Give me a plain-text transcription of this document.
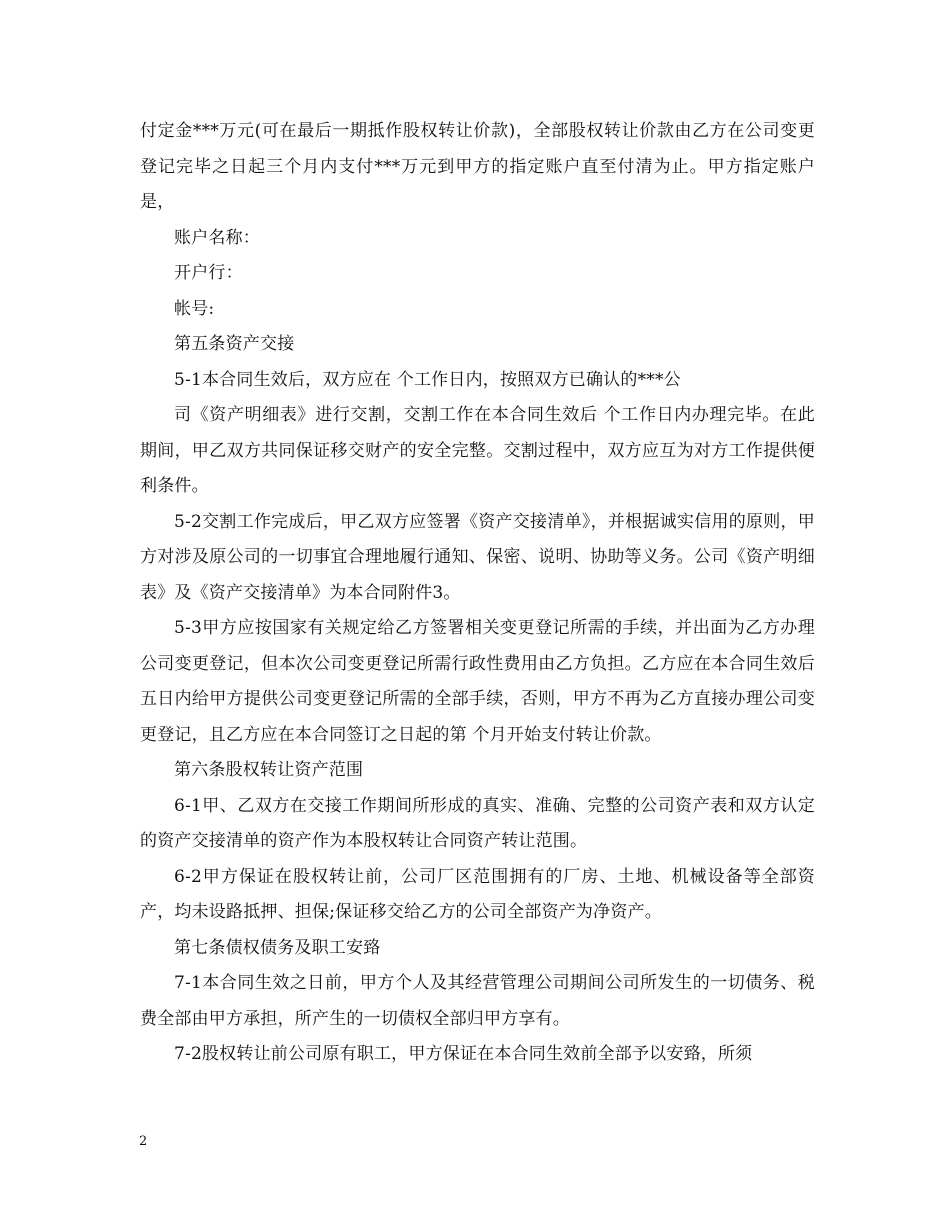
付定金***万元(可在最后一期抵作股权转让价款)，全部股权转让价款由乙方在公司变更登记完毕之日起三个月内支付***万元到甲方的指定账户直至付清为止。甲方指定账户是，

账户名称：

开户行：

帐号:

第五条资产交接

5-1本合同生效后，双方应在 个工作日内，按照双方已确认的***公

司《资产明细表》进行交割，交割工作在本合同生效后 个工作日内办理完毕。在此期间，甲乙双方共同保证移交财产的安全完整。交割过程中，双方应互为对方工作提供便利条件。

5-2交割工作完成后，甲乙双方应签署《资产交接清单》，并根据诚实信用的原则，甲方对涉及原公司的一切事宜合理地履行通知、保密、说明、协助等义务。公司《资产明细表》及《资产交接清单》为本合同附件3。

5-3甲方应按国家有关规定给乙方签署相关变更登记所需的手续，并出面为乙方办理公司变更登记，但本次公司变更登记所需行政性费用由乙方负担。乙方应在本合同生效后五日内给甲方提供公司变更登记所需的全部手续，否则，甲方不再为乙方直接办理公司变更登记，且乙方应在本合同签订之日起的第 个月开始支付转让价款。

第六条股权转让资产范围

6-1甲、乙双方在交接工作期间所形成的真实、准确、完整的公司资产表和双方认定的资产交接清单的资产作为本股权转让合同资产转让范围。

6-2甲方保证在股权转让前，公司厂区范围拥有的厂房、土地、机械设备等全部资产，均未设路抵押、担保;保证移交给乙方的公司全部资产为净资产。

第七条债权债务及职工安臵

7-1本合同生效之日前，甲方个人及其经营管理公司期间公司所发生的一切债务、税费全部由甲方承担，所产生的一切债权全部归甲方享有。

7-2股权转让前公司原有职工，甲方保证在本合同生效前全部予以安臵，所须

2
